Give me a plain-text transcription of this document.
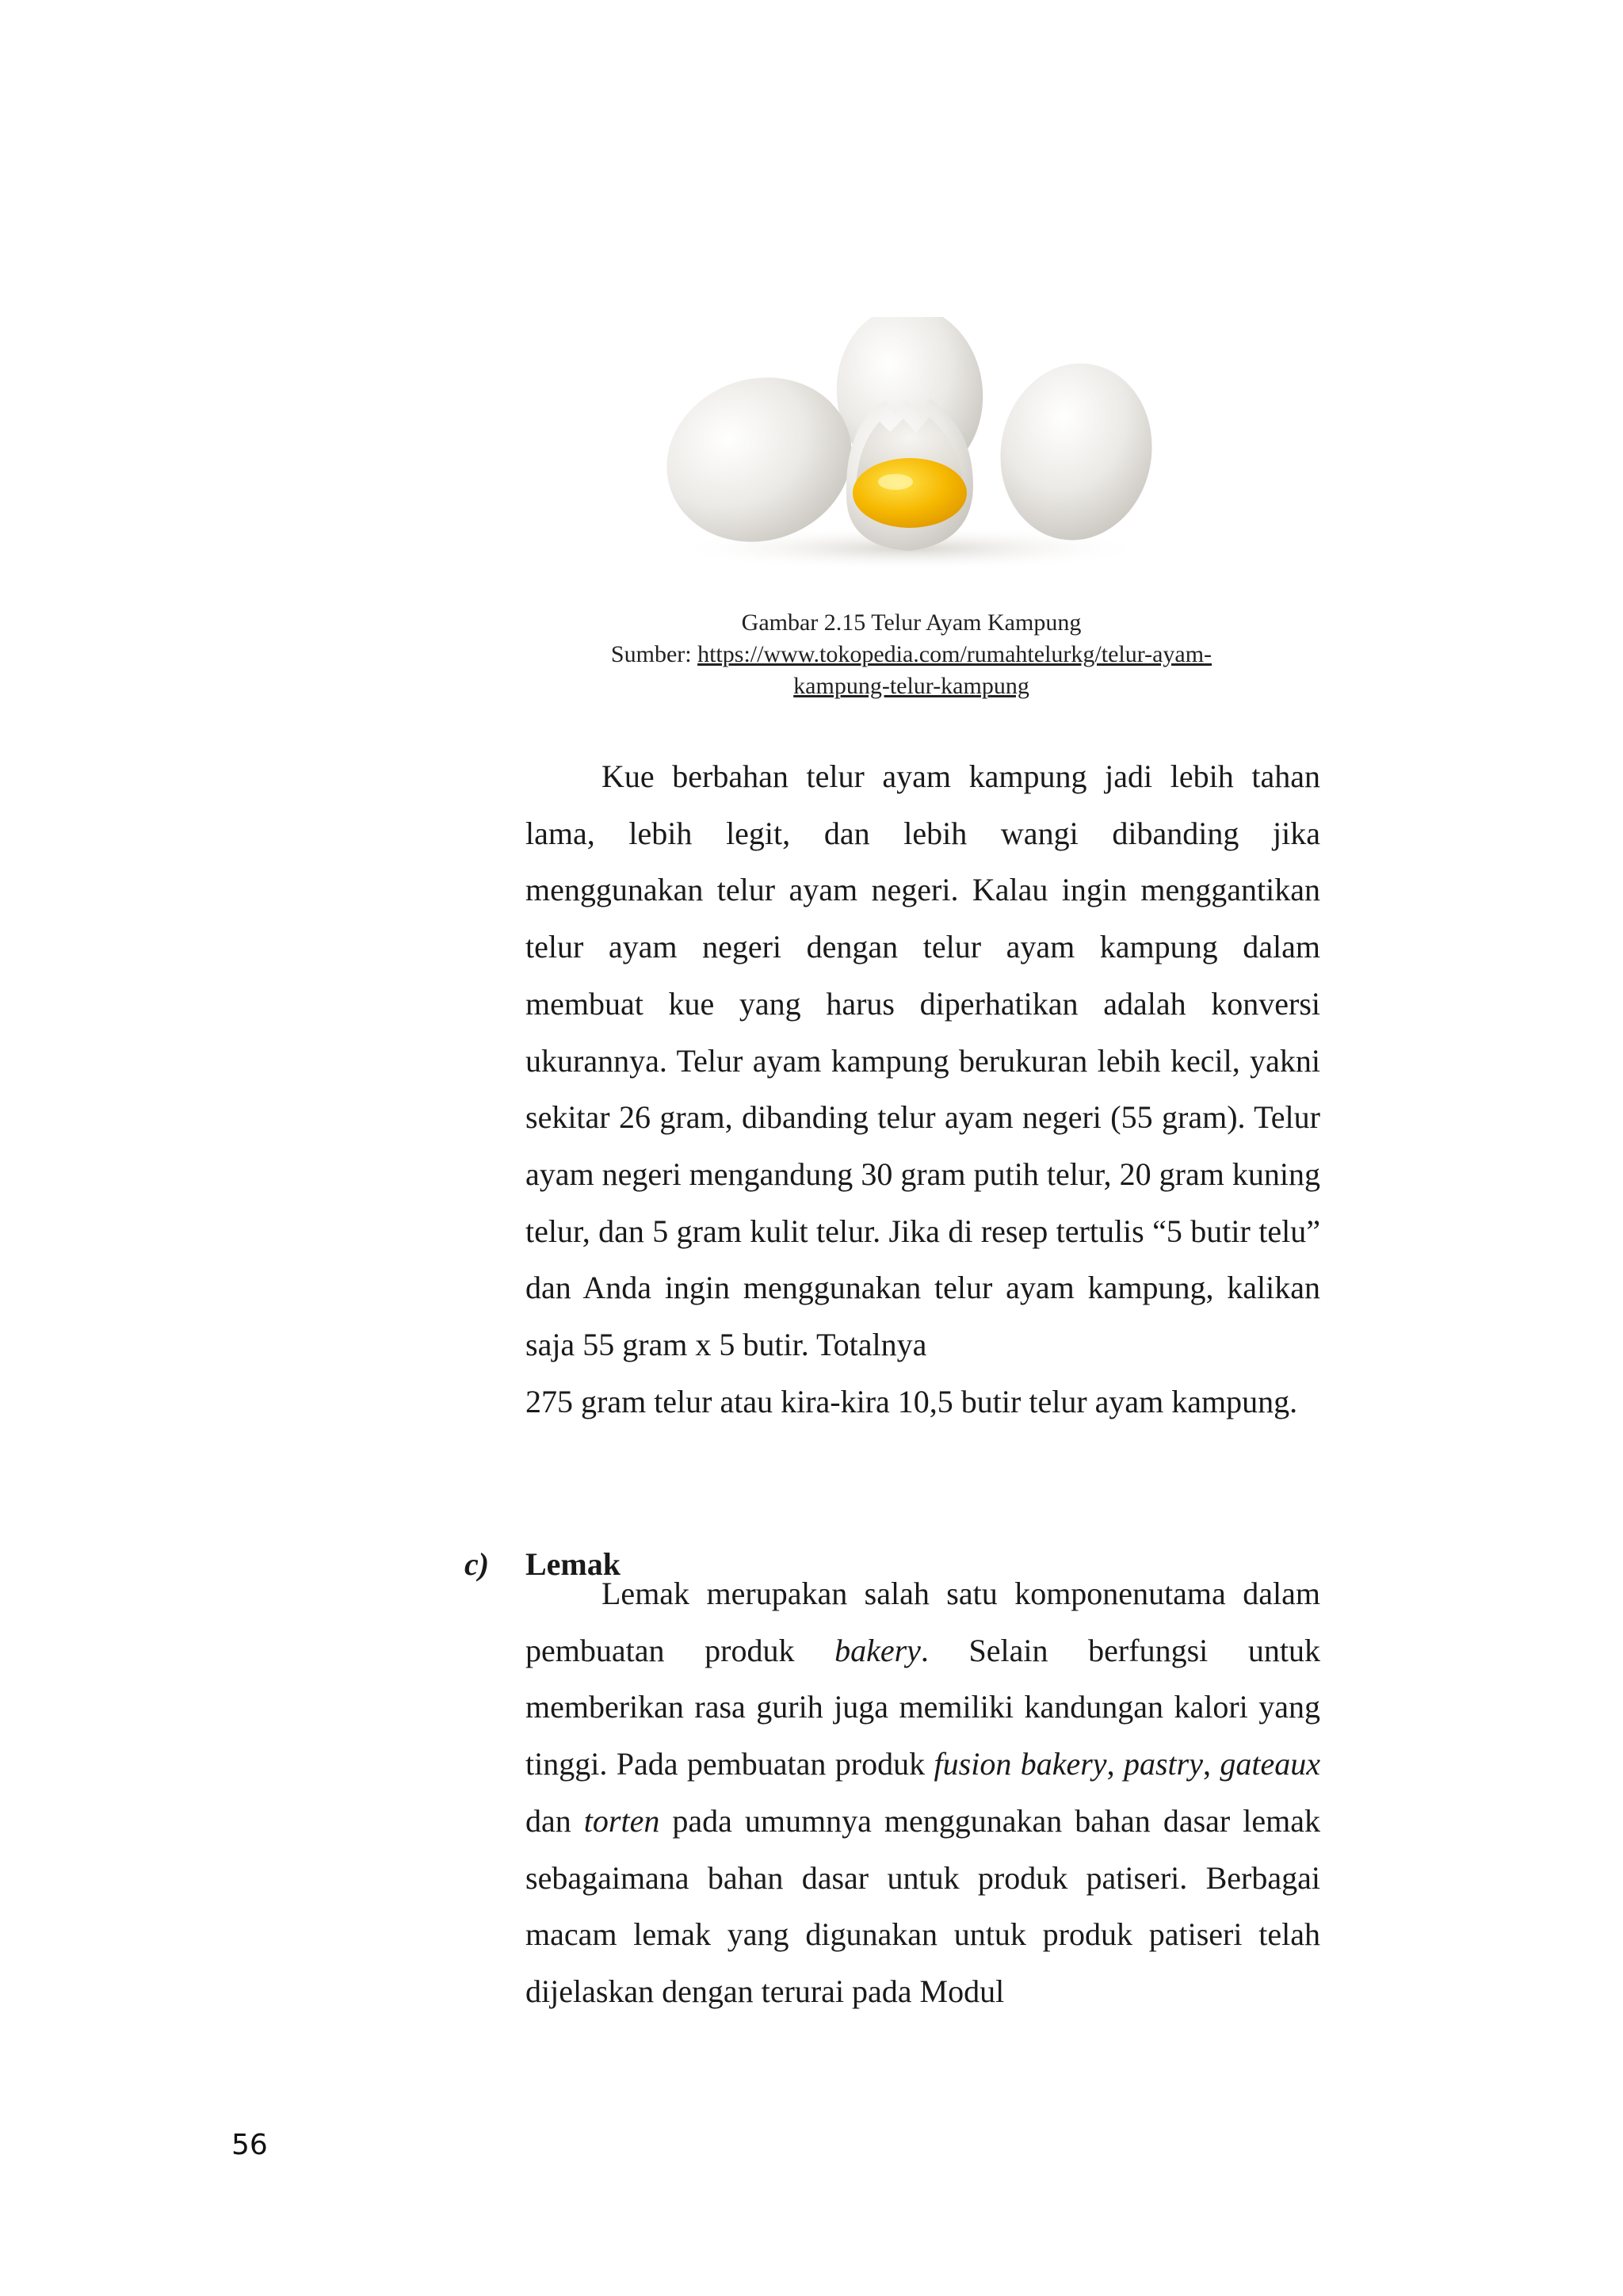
Gambar 2.15 Telur Ayam Kampung
Sumber: https://www.tokopedia.com/rumahtelurkg/telur-ayam-
kampung-telur-kampung
Kue berbahan telur ayam kampung jadi lebih tahan lama, lebih legit, dan lebih wangi dibanding jika menggunakan telur ayam negeri. Kalau ingin menggantikan telur ayam negeri dengan telur ayam kampung dalam membuat kue yang harus diperhatikan adalah konversi ukurannya. Telur ayam kampung berukuran lebih kecil, yakni sekitar 26 gram, dibanding telur ayam negeri (55 gram). Telur ayam negeri mengandung 30 gram putih telur, 20 gram kuning telur, dan 5 gram kulit telur. Jika di resep tertulis “5 butir telu” dan Anda ingin menggunakan telur ayam kampung, kalikan saja 55 gram x 5 butir. Totalnya
275 gram telur atau kira-kira 10,5 butir telur ayam kampung.
c) Lemak
Lemak merupakan salah satu komponenutama dalam pembuatan produk bakery. Selain berfungsi untuk memberikan rasa gurih juga memiliki kandungan kalori yang tinggi. Pada pembuatan produk fusion bakery, pastry, gateaux dan torten pada umumnya menggunakan bahan dasar lemak sebagaimana bahan dasar untuk produk patiseri. Berbagai macam lemak yang digunakan untuk produk patiseri telah dijelaskan dengan terurai pada Modul
56
